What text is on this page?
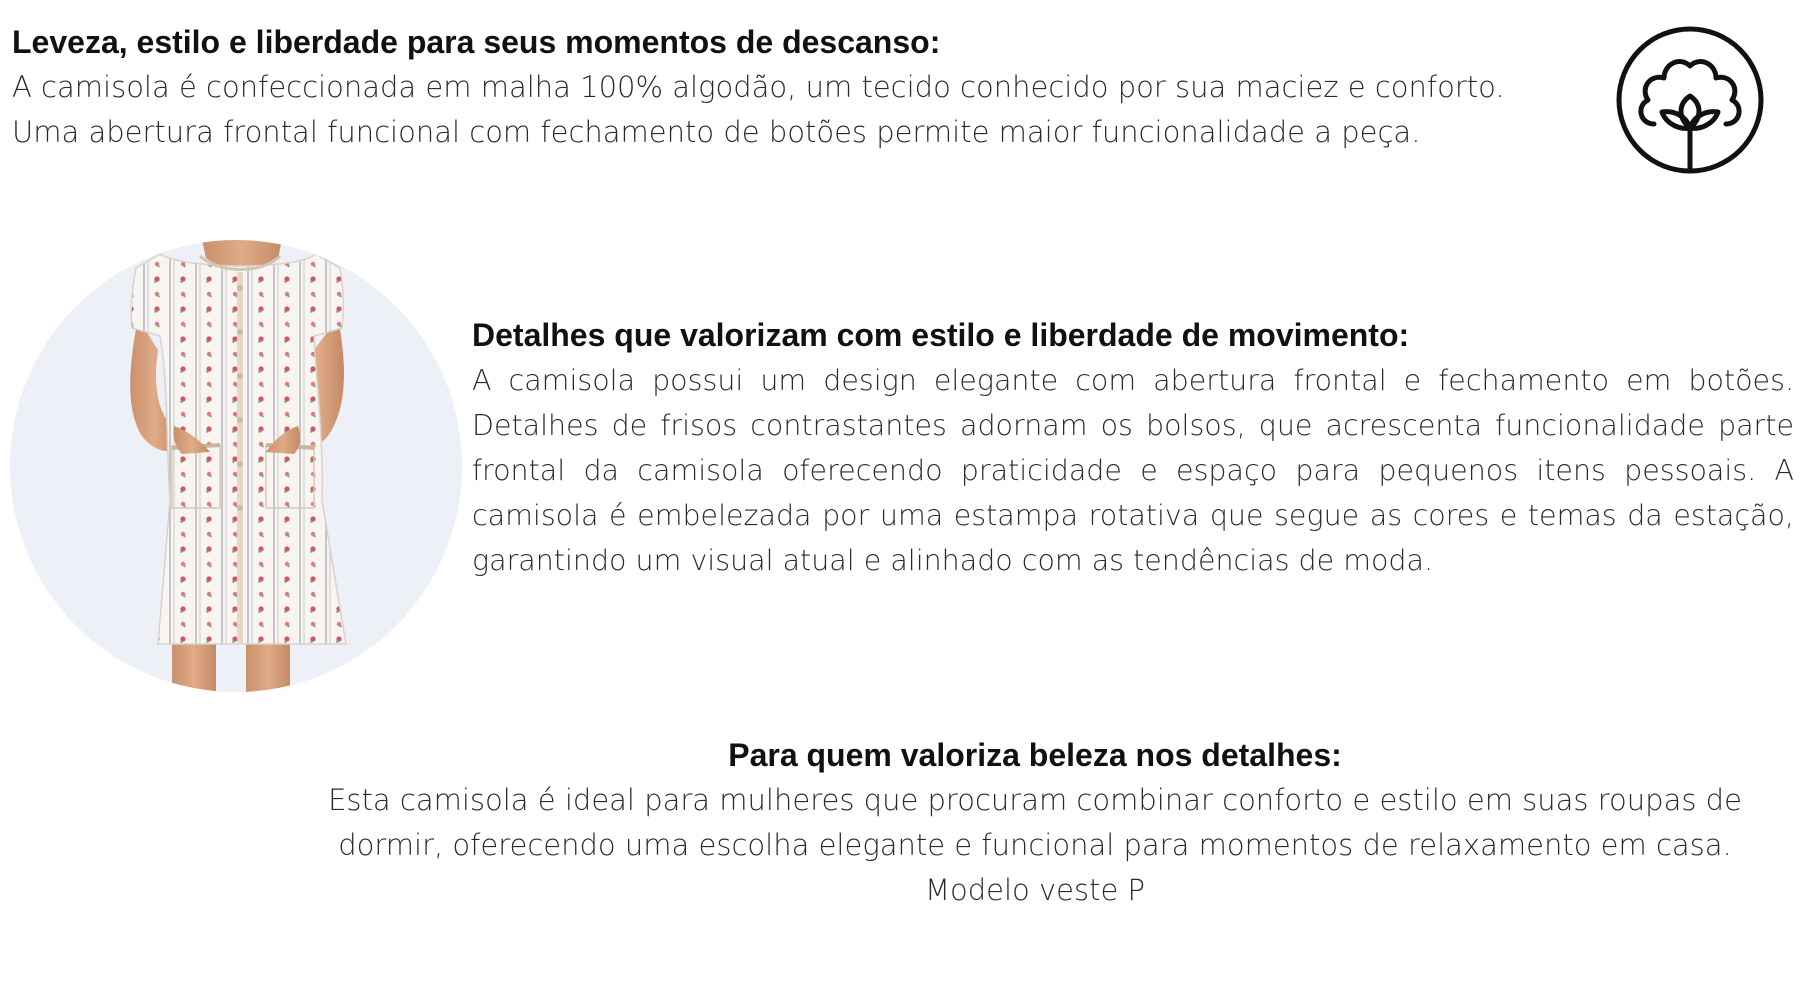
Leveza, estilo e liberdade para seus momentos de descanso:

A camisola é confeccionada em malha 100% algodão, um tecido conhecido por sua maciez e conforto.

Uma abertura frontal funcional com fechamento de botões permite maior funcionalidade a peça.

Detalhes que valorizam com estilo e liberdade de movimento:

A camisola possui um design elegante com abertura frontal e fechamento em botões. Detalhes de frisos contrastantes adornam os bolsos, que acrescenta funcionalidade parte frontal da camisola oferecendo praticidade e espaço para pequenos itens pessoais. A camisola é embelezada por uma estampa rotativa que segue as cores e temas da estação, garantindo um visual atual e alinhado com as tendências de moda.

Para quem valoriza beleza nos detalhes:

Esta camisola é ideal para mulheres que procuram combinar conforto e estilo em suas roupas de dormir, oferecendo uma escolha elegante e funcional para momentos de relaxamento em casa.

Modelo veste P
